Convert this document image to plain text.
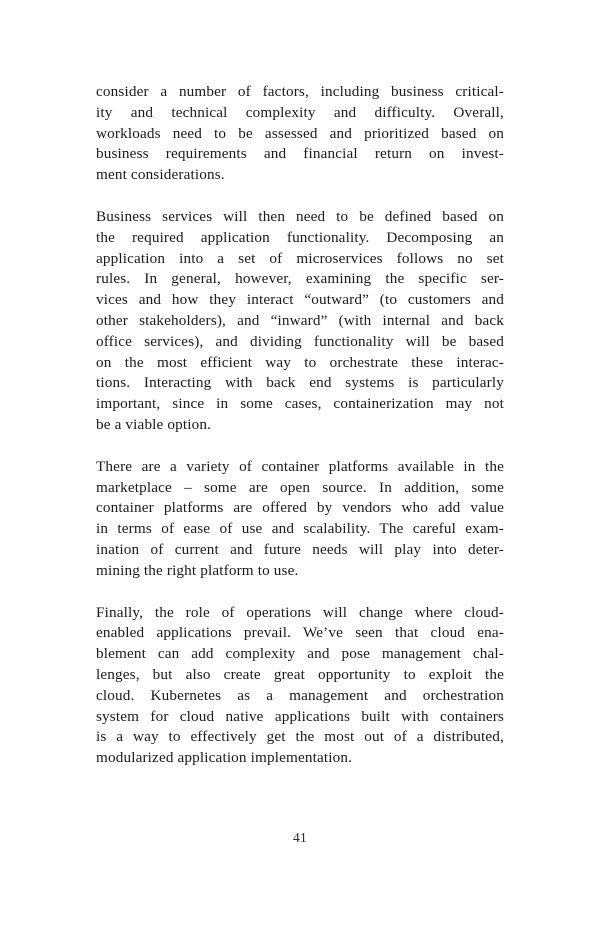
consider a number of factors, including business critical-
ity and technical complexity and difficulty. Overall,
workloads need to be assessed and prioritized based on
business requirements and financial return on invest-
ment considerations.

Business services will then need to be defined based on
the required application functionality. Decomposing an
application into a set of microservices follows no set
rules. In general, however, examining the specific ser-
vices and how they interact “outward” (to customers and
other stakeholders), and “inward” (with internal and back
office services), and dividing functionality will be based
on the most efficient way to orchestrate these interac-
tions. Interacting with back end systems is particularly
important, since in some cases, containerization may not
be a viable option.

There are a variety of container platforms available in the
marketplace – some are open source. In addition, some
container platforms are offered by vendors who add value
in terms of ease of use and scalability. The careful exam-
ination of current and future needs will play into deter-
mining the right platform to use.

Finally, the role of operations will change where cloud-
enabled applications prevail. We’ve seen that cloud ena-
blement can add complexity and pose management chal-
lenges, but also create great opportunity to exploit the
cloud. Kubernetes as a management and orchestration
system for cloud native applications built with containers
is a way to effectively get the most out of a distributed,
modularized application implementation.

41
